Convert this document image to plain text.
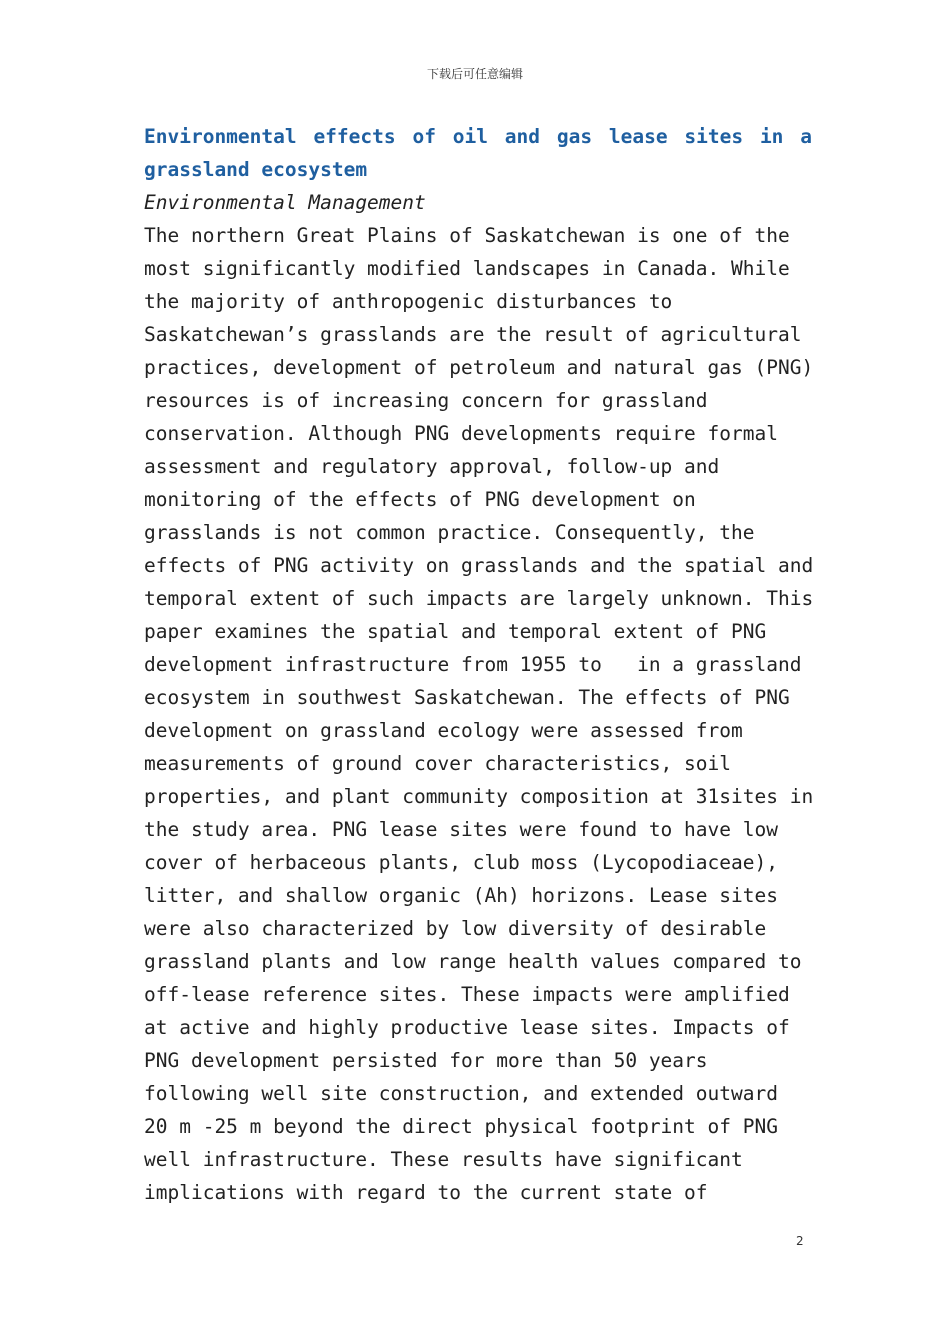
下载后可任意编辑
Environmental effects of oil and gas lease sites in a
grassland ecosystem
Environmental Management
The northern Great Plains of Saskatchewan is one of the
most significantly modified landscapes in Canada. While
the majority of anthropogenic disturbances to
Saskatchewan’s grasslands are the result of agricultural
practices, development of petroleum and natural gas (PNG)
resources is of increasing concern for grassland
conservation. Although PNG developments require formal
assessment and regulatory approval, follow-up and
monitoring of the effects of PNG development on
grasslands is not common practice. Consequently, the
effects of PNG activity on grasslands and the spatial and
temporal extent of such impacts are largely unknown. This
paper examines the spatial and temporal extent of PNG
development infrastructure from 1955 to   in a grassland
ecosystem in southwest Saskatchewan. The effects of PNG
development on grassland ecology were assessed from
measurements of ground cover characteristics, soil
properties, and plant community composition at 31sites in
the study area. PNG lease sites were found to have low
cover of herbaceous plants, club moss (Lycopodiaceae),
litter, and shallow organic (Ah) horizons. Lease sites
were also characterized by low diversity of desirable
grassland plants and low range health values compared to
off-lease reference sites. These impacts were amplified
at active and highly productive lease sites. Impacts of
PNG development persisted for more than 50 years
following well site construction, and extended outward
20 m -25 m beyond the direct physical footprint of PNG
well infrastructure. These results have significant
implications with regard to the current state of
2
